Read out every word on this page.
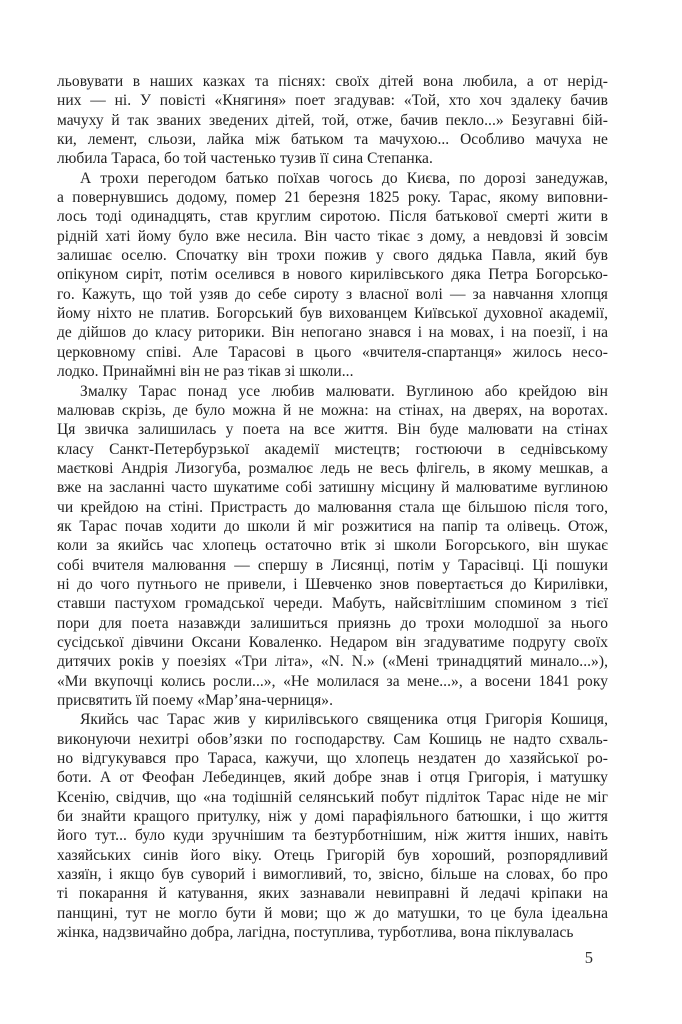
льовувати в наших казках та піснях: своїх дітей вона любила, а от нерід-
них — ні. У повісті «Княгиня» поет згадував: «Той, хто хоч здалеку бачив
мачуху й так званих зведених дітей, той, отже, бачив пекло...» Безугавні бій-
ки, лемент, сльози, лайка між батьком та мачухою... Особливо мачуха не
любила Тараса, бо той частенько тузив її сина Степанка.
А трохи перегодом батько поїхав чогось до Києва, по дорозі занедужав,
а повернувшись додому, помер 21 березня 1825 року. Тарас, якому виповни-
лось тоді одинадцять, став круглим сиротою. Після батькової смерті жити в
рідній хаті йому було вже несила. Він часто тікає з дому, а невдовзі й зовсім
залишає оселю. Спочатку він трохи пожив у свого дядька Павла, який був
опікуном сиріт, потім оселився в нового кирилівського дяка Петра Богорсько-
го. Кажуть, що той узяв до себе сироту з власної волі — за навчання хлопця
йому ніхто не платив. Богорський був вихованцем Київської духовної академії,
де дійшов до класу риторики. Він непогано знався і на мовах, і на поезії, і на
церковному співі. Але Тарасові в цього «вчителя-спартанця» жилось несо-
лодко. Принаймні він не раз тікав зі школи...
Змалку Тарас понад усе любив малювати. Вуглиною або крейдою він
малював скрізь, де було можна й не можна: на стінах, на дверях, на воротах.
Ця звичка залишилась у поета на все життя. Він буде малювати на стінах
класу Санкт-Петербурзької академії мистецтв; гостюючи в седнівському
маєткові Андрія Лизогуба, розмалює ледь не весь флігель, в якому мешкав, а
вже на засланні часто шукатиме собі затишну місцину й малюватиме вуглиною
чи крейдою на стіні. Пристрасть до малювання стала ще більшою після того,
як Тарас почав ходити до школи й міг розжитися на папір та олівець. Отож,
коли за якийсь час хлопець остаточно втік зі школи Богорського, він шукає
собі вчителя малювання — спершу в Лисянці, потім у Тарасівці. Ці пошуки
ні до чого путнього не привели, і Шевченко знов повертається до Кирилівки,
ставши пастухом громадської череди. Мабуть, найсвітлішим спомином з тієї
пори для поета назавжди залишиться приязнь до трохи молодшої за нього
сусідської дівчини Оксани Коваленко. Недаром він згадуватиме подругу своїх
дитячих років у поезіях «Три літа», «N. N.» («Мені тринадцятий минало...»),
«Ми вкупочці колись росли...», «Не молилася за мене...», а восени 1841 року
присвятить їй поему «Мар’яна-черниця».
Якийсь час Тарас жив у кирилівського священика отця Григорія Кошиця,
виконуючи нехитрі обов’язки по господарству. Сам Кошиць не надто схваль-
но відгукувався про Тараса, кажучи, що хлопець нездатен до хазяйської ро-
боти. А от Феофан Лебединцев, який добре знав і отця Григорія, і матушку
Ксенію, свідчив, що «на тодішній селянський побут підліток Тарас ніде не міг
би знайти кращого притулку, ніж у домі парафіяльного батюшки, і що життя
його тут... було куди зручнішим та безтурботнішим, ніж життя інших, навіть
хазяйських синів його віку. Отець Григорій був хороший, розпорядливий
хазяїн, і якщо був суворий і вимогливий, то, звісно, більше на словах, бо про
ті покарання й катування, яких зазнавали невиправні й ледачі кріпаки на
панщині, тут не могло бути й мови; що ж до матушки, то це була ідеальна
жінка, надзвичайно добра, лагідна, поступлива, турботлива, вона піклувалась
5
